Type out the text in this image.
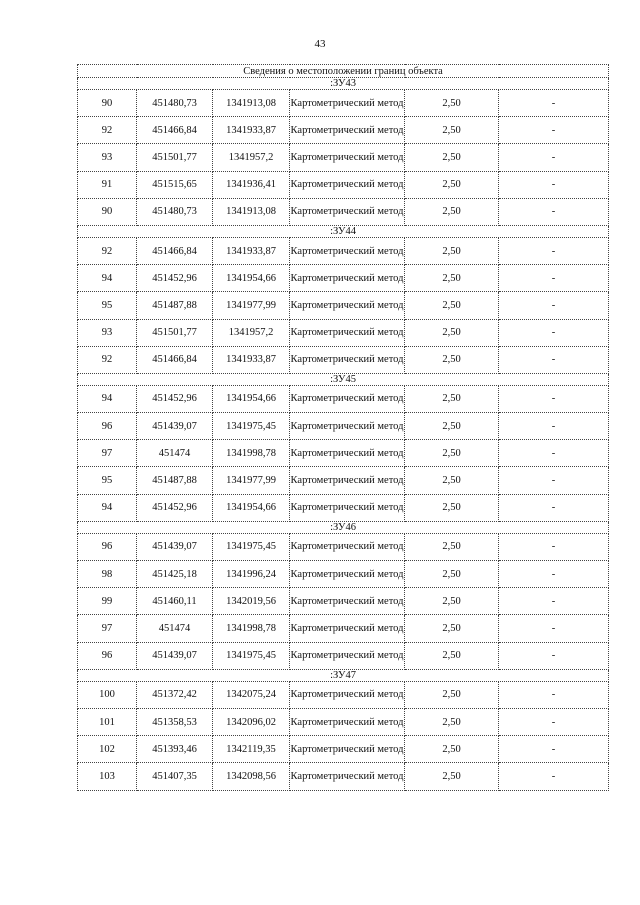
43
Сведения о местоположении границ объекта					
:ЗУ43					
90	451480,73	1341913,08	Картометрический метод	2,50	-
92	451466,84	1341933,87	Картометрический метод	2,50	-
93	451501,77	1341957,2	Картометрический метод	2,50	-
91	451515,65	1341936,41	Картометрический метод	2,50	-
90	451480,73	1341913,08	Картометрический метод	2,50	-
:ЗУ44					
92	451466,84	1341933,87	Картометрический метод	2,50	-
94	451452,96	1341954,66	Картометрический метод	2,50	-
95	451487,88	1341977,99	Картометрический метод	2,50	-
93	451501,77	1341957,2	Картометрический метод	2,50	-
92	451466,84	1341933,87	Картометрический метод	2,50	-
:ЗУ45					
94	451452,96	1341954,66	Картометрический метод	2,50	-
96	451439,07	1341975,45	Картометрический метод	2,50	-
97	451474	1341998,78	Картометрический метод	2,50	-
95	451487,88	1341977,99	Картометрический метод	2,50	-
94	451452,96	1341954,66	Картометрический метод	2,50	-
:ЗУ46					
96	451439,07	1341975,45	Картометрический метод	2,50	-
98	451425,18	1341996,24	Картометрический метод	2,50	-
99	451460,11	1342019,56	Картометрический метод	2,50	-
97	451474	1341998,78	Картометрический метод	2,50	-
96	451439,07	1341975,45	Картометрический метод	2,50	-
:ЗУ47					
100	451372,42	1342075,24	Картометрический метод	2,50	-
101	451358,53	1342096,02	Картометрический метод	2,50	-
102	451393,46	1342119,35	Картометрический метод	2,50	-
103	451407,35	1342098,56	Картометрический метод	2,50	-
